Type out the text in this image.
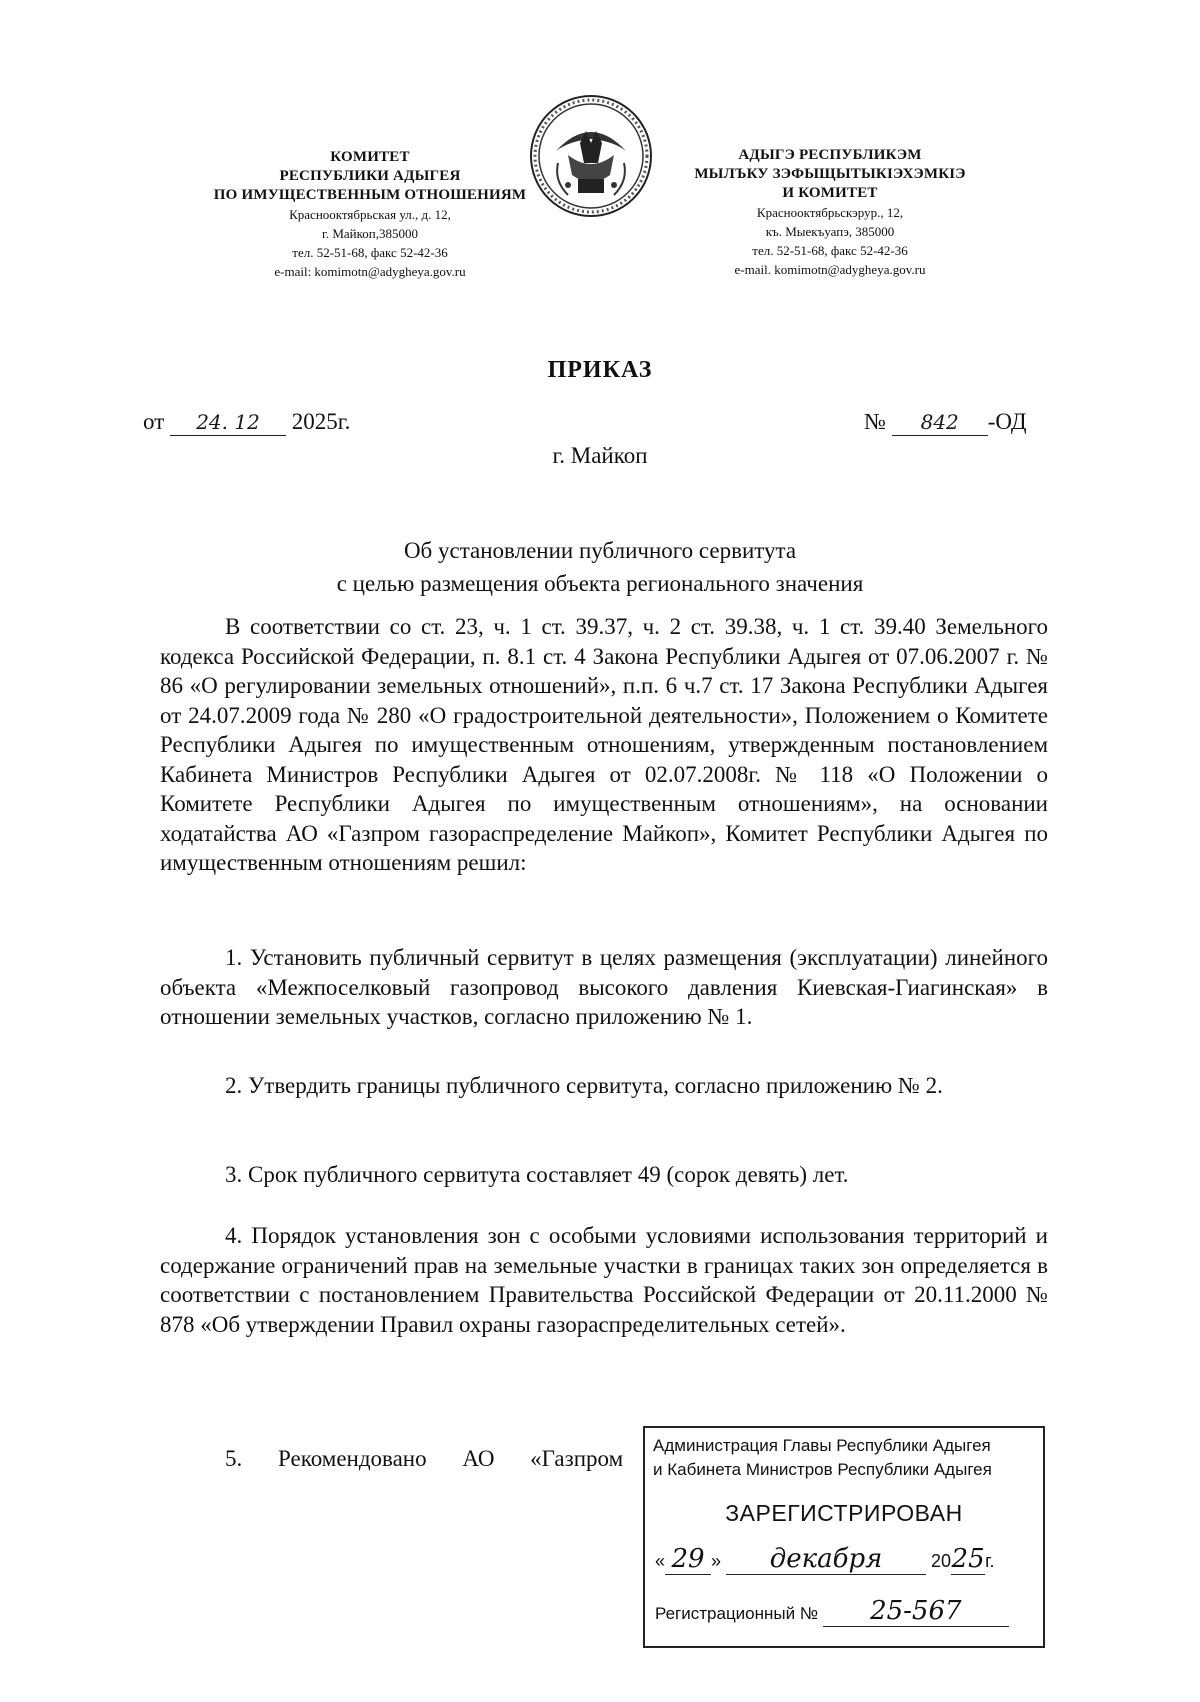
КОМИТЕТ
РЕСПУБЛИКИ АДЫГЕЯ
ПО ИМУЩЕСТВЕННЫМ ОТНОШЕНИЯМ
Краснооктябрьская ул., д. 12,
г. Майкоп,385000
тел. 52-51-68, факс 52-42-36
e-mail: komimotn@adygheya.gov.ru
АДЫГЭ РЕСПУБЛИКЭМ
МЫЛЪКУ ЗЭФЫЩЫТЫКІЭХЭМКІЭ
И КОМИТЕТ
Краснооктябрьскэрур., 12,
къ. Мыекъуапэ, 385000
тел. 52-51-68, факс 52-42-36
e-mail. komimotn@adygheya.gov.ru
ПРИКАЗ
от 24. 12 2025г.	№ 842 -ОД
г. Майкоп
Об установлении публичного сервитута
с целью размещения объекта регионального значения

В соответствии со ст. 23, ч. 1 ст. 39.37, ч. 2 ст. 39.38, ч. 1 ст. 39.40 Земельного кодекса Российской Федерации, п. 8.1 ст. 4 Закона Республики Адыгея от 07.06.2007 г. № 86 «О регулировании земельных отношений», п.п. 6 ч.7 ст. 17 Закона Республики Адыгея от 24.07.2009 года № 280 «О градостроительной деятельности», Положением о Комитете Республики Адыгея по имущественным отношениям, утвержденным постановлением Кабинета Министров Республики Адыгея от 02.07.2008г. № 118 «О Положении о Комитете Республики Адыгея по имущественным отношениям», на основании ходатайства АО «Газпром газораспределение Майкоп», Комитет Республики Адыгея по имущественным отношениям решил:

1. Установить публичный сервитут в целях размещения (эксплуатации) линейного объекта «Межпоселковый газопровод высокого давления Киевская-Гиагинская» в отношении земельных участков, согласно приложению № 1.

2. Утвердить границы публичного сервитута, согласно приложению № 2.

3. Срок публичного сервитута составляет 49 (сорок девять) лет.

4. Порядок установления зон с особыми условиями использования территорий и содержание ограничений прав на земельные участки в границах таких зон определяется в соответствии с постановлением Правительства Российской Федерации от 20.11.2000 № 878 «Об утверждении Правил охраны газораспределительных сетей».

5. Рекомендовано АО «Газпром

Администрация Главы Республики Адыгея
и Кабинета Министров Республики Адыгея
ЗАРЕГИСТРИРОВАН
« 29 » декабря	2025г.
Регистрационный № 25-567
